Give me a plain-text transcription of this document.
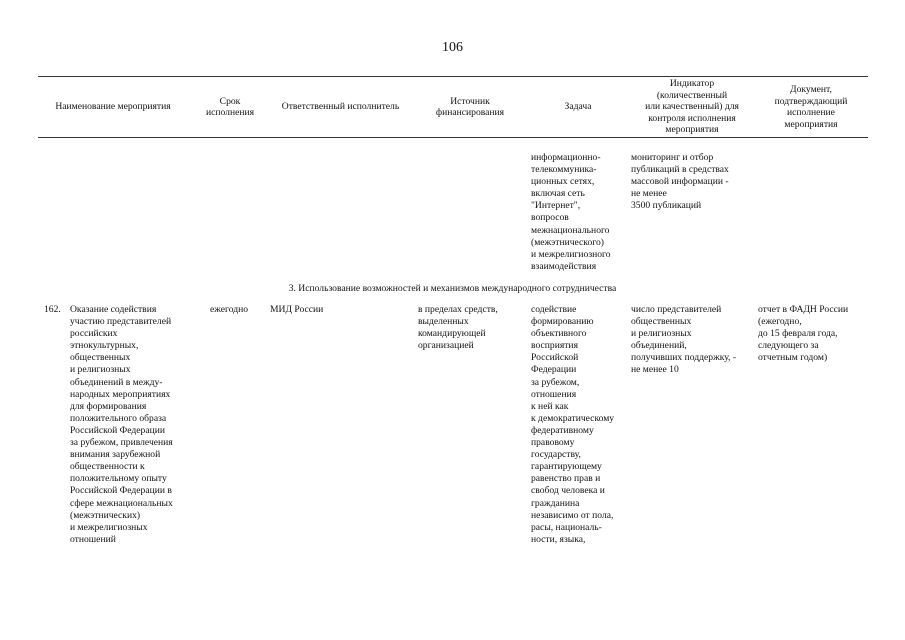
106
Наименование мероприятия
Срок
исполнения
Ответственный исполнитель
Источник
финансирования
Задача
Индикатор
(количественный
или качественный) для
контроля исполнения
мероприятия
Документ,
подтверждающий
исполнение
мероприятия
информационно-
телекоммуника-
ционных сетях,
включая сеть
"Интернет",
вопросов
межнационального
(межэтнического)
и межрелигиозного
взаимодействия
мониторинг и отбор
публикаций в средствах
массовой информации -
не менее
3500 публикаций
3. Использование возможностей и механизмов международного сотрудничества
162. Оказание содействия
участию представителей
российских
этнокультурных,
общественных
и религиозных
объединений в между-
народных мероприятиях
для формирования
положительного образа
Российской Федерации
за рубежом, привлечения
внимания зарубежной
общественности к
положительному опыту
Российской Федерации в
сфере межнациональных
(межэтнических)
и межрелигиозных
отношений
ежегодно	МИД России	в пределах средств,
выделенных
командирующей
организацией
содействие
формированию
объективного
восприятия
Российской
Федерации
за рубежом,
отношения
к ней как
к демократическому
федеративному
правовому
государству,
гарантирующему
равенство прав и
свобод человека и
гражданина
независимо от пола,
расы, националь-
ности, языка,
число представителей
общественных
и религиозных
объединений,
получивших поддержку, -
не менее 10
отчет в ФАДН России
(ежегодно,
до 15 февраля года,
следующего за
отчетным годом)
